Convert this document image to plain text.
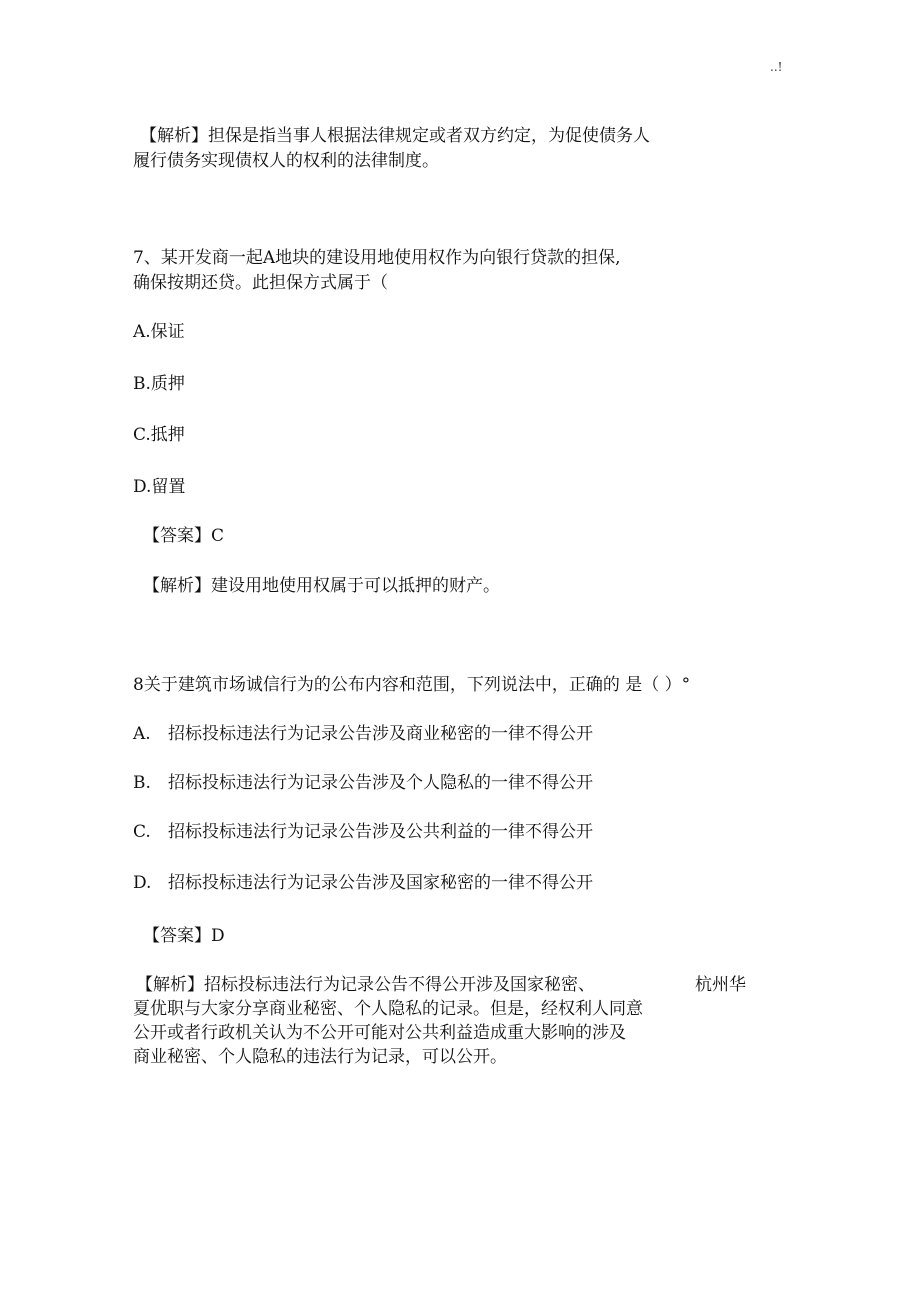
..!
【解析】担保是指当事人根据法律规定或者双方约定，为促使债务人
履行债务实现债权人的权利的法律制度。
7、某开发商一起A地块的建设用地使用权作为向银行贷款的担保,
确保按期还贷。此担保方式属于（
A.保证
B.质押
C.抵押
D.留置
【答案】C
【解析】建设用地使用权属于可以抵押的财产。
8关于建筑市场诚信行为的公布内容和范围，下列说法中，正确的 是（ ）°
A. 招标投标违法行为记录公告涉及商业秘密的一律不得公开
B. 招标投标违法行为记录公告涉及个人隐私的一律不得公开
C. 招标投标违法行为记录公告涉及公共利益的一律不得公开
D. 招标投标违法行为记录公告涉及国家秘密的一律不得公开
【答案】D
【解析】招标投标违法行为记录公告不得公开涉及国家秘密、	杭州华
夏优职与大家分享商业秘密、个人隐私的记录。但是，经权利人同意
公开或者行政机关认为不公开可能对公共利益造成重大影响的涉及
商业秘密、个人隐私的违法行为记录，可以公开。
